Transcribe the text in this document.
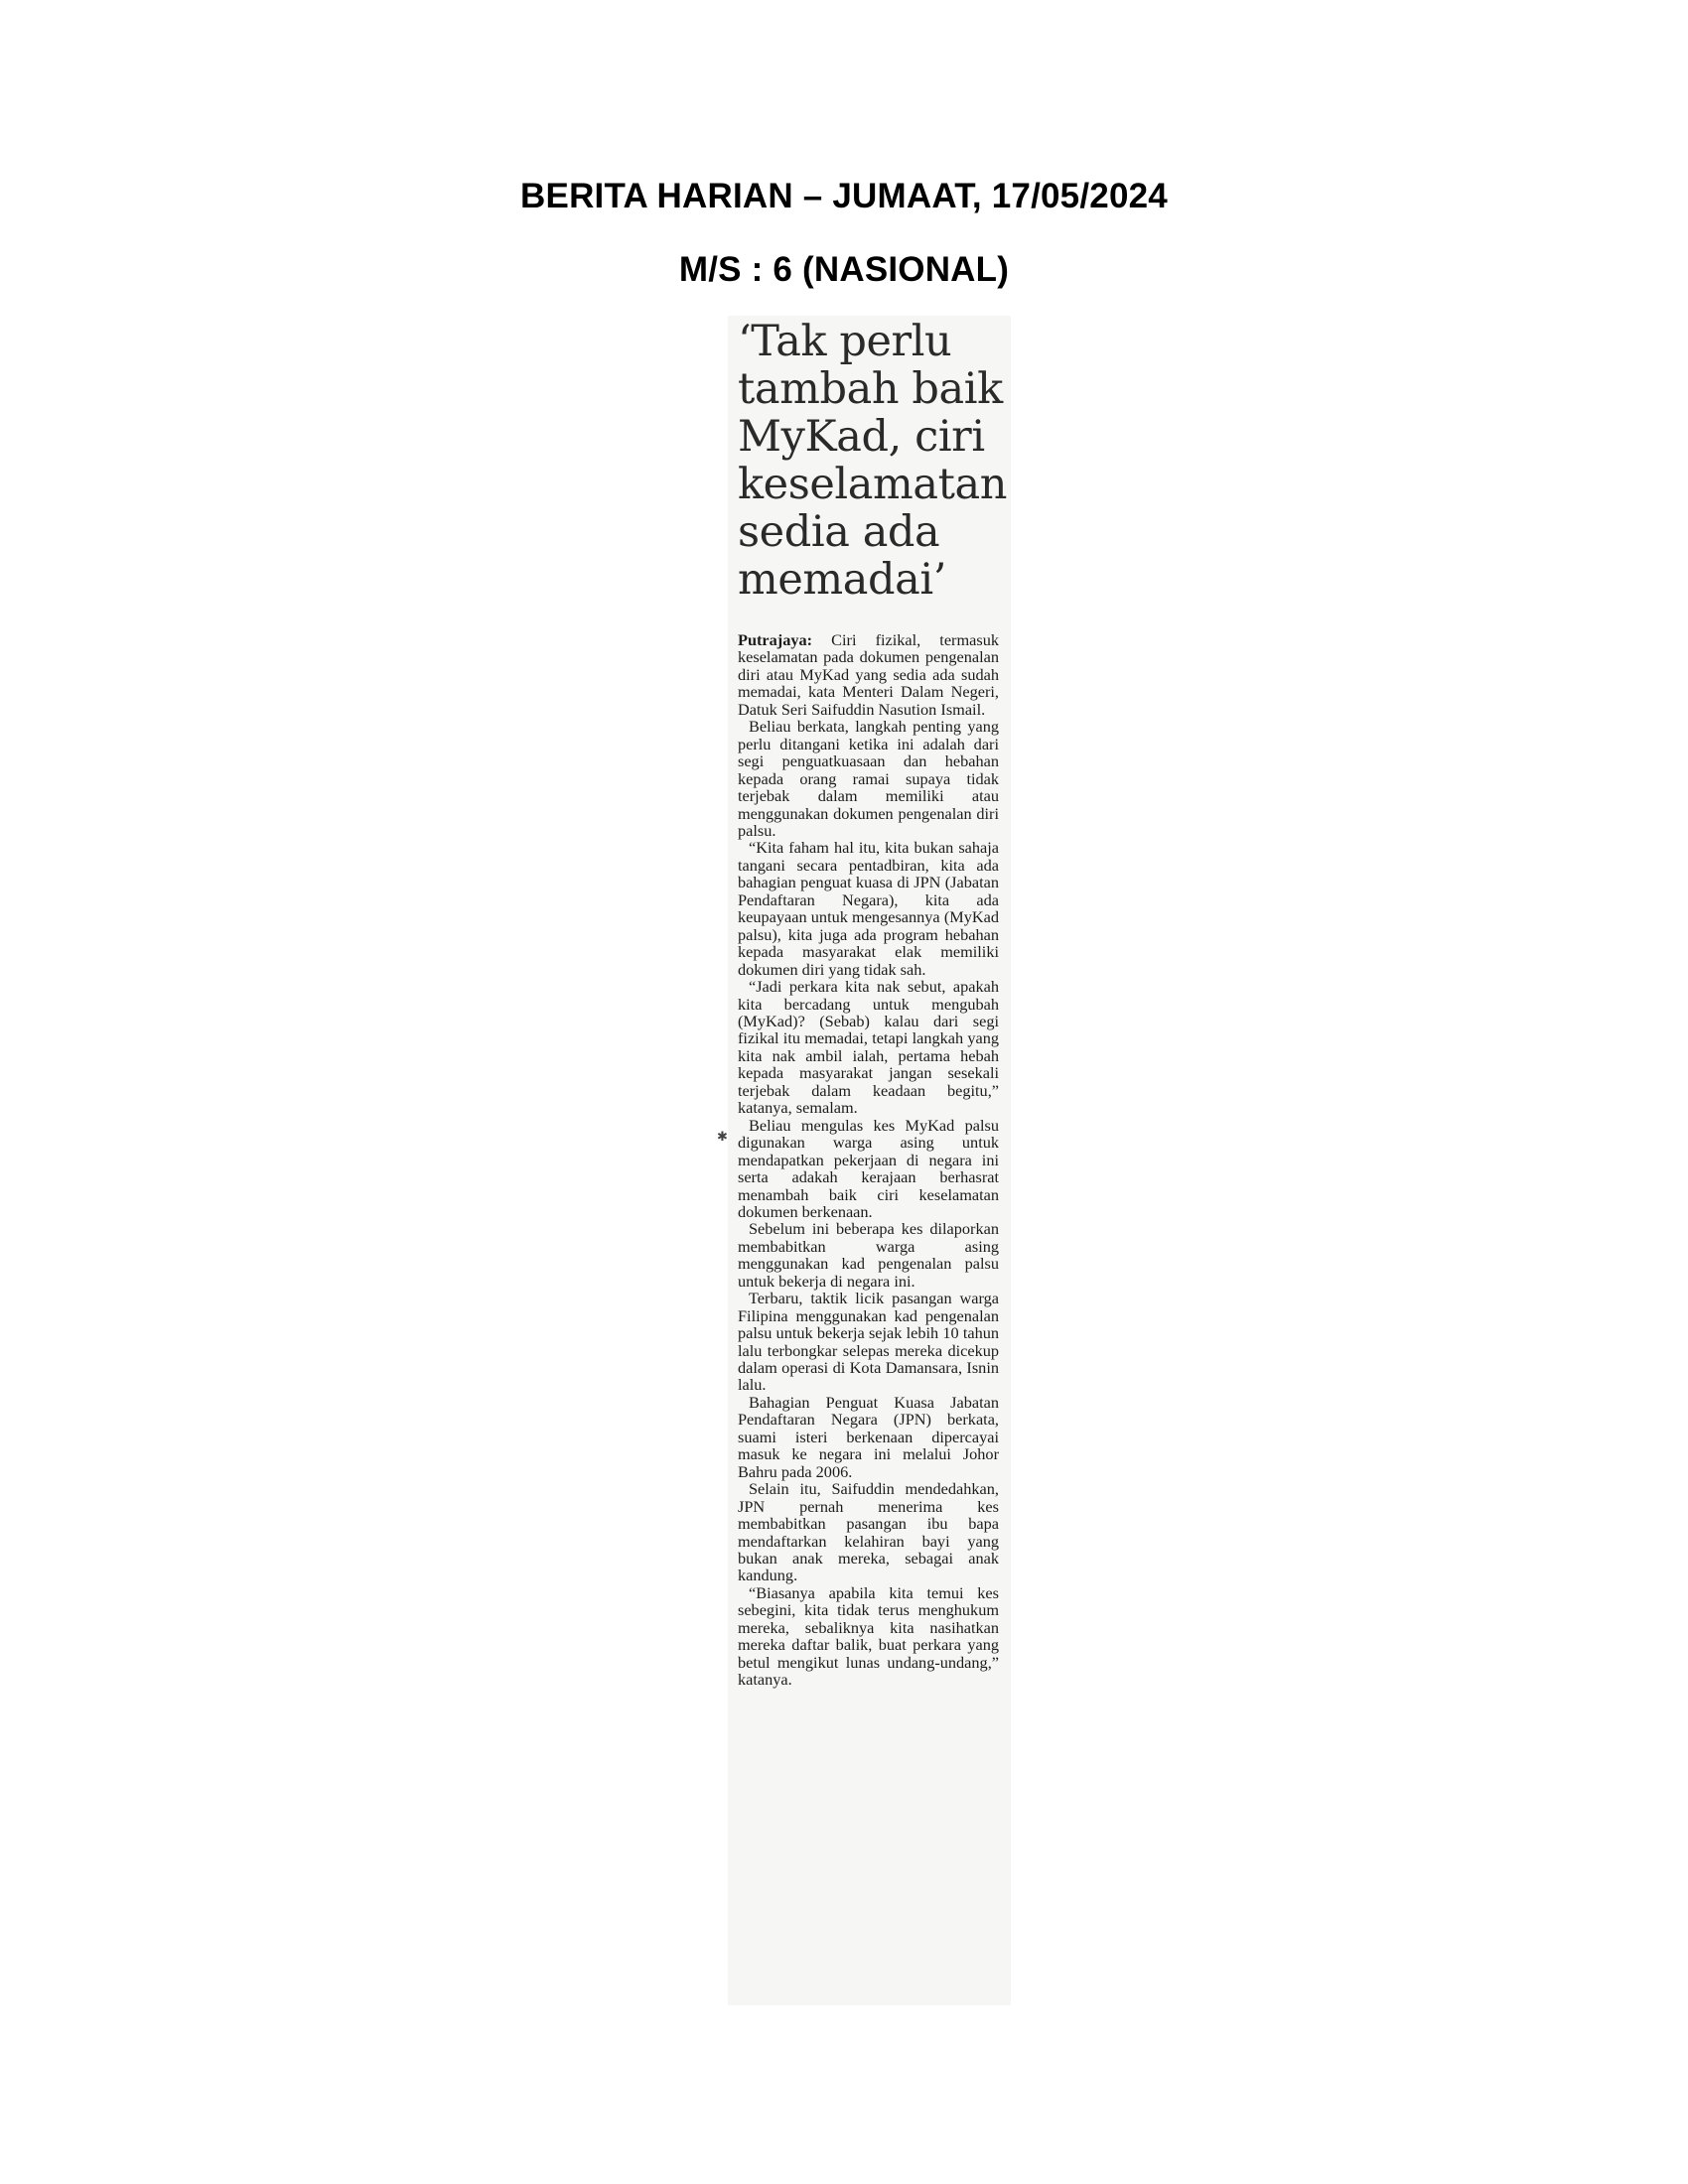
BERITA HARIAN – JUMAAT, 17/05/2024
M/S : 6 (NASIONAL)
‘Tak perlu
tambah baik
MyKad, ciri
keselamatan
sedia ada
memadai’

Putrajaya: Ciri fizikal, termasuk keselamatan pada dokumen pengenalan diri atau MyKad yang sedia ada sudah memadai, kata Menteri Dalam Negeri, Datuk Seri Saifuddin Nasution Ismail.

Beliau berkata, langkah penting yang perlu ditangani ketika ini adalah dari segi penguatkuasaan dan hebahan kepada orang ramai supaya tidak terjebak dalam memiliki atau menggunakan dokumen pengenalan diri palsu.

“Kita faham hal itu, kita bukan sahaja tangani secara pentadbiran, kita ada bahagian penguat kuasa di JPN (Jabatan Pendaftaran Negara), kita ada keupayaan untuk mengesannya (MyKad palsu), kita juga ada program hebahan kepada masyarakat elak memiliki dokumen diri yang tidak sah.

“Jadi perkara kita nak sebut, apakah kita bercadang untuk mengubah (MyKad)? (Sebab) kalau dari segi fizikal itu memadai, tetapi langkah yang kita nak ambil ialah, pertama hebah kepada masyarakat jangan sesekali terjebak dalam keadaan begitu,” katanya, semalam.

Beliau mengulas kes MyKad palsu digunakan warga asing untuk mendapatkan pekerjaan di negara ini serta adakah kerajaan berhasrat menambah baik ciri keselamatan dokumen berkenaan.

Sebelum ini beberapa kes dilaporkan membabitkan warga asing menggunakan kad pengenalan palsu untuk bekerja di negara ini.

Terbaru, taktik licik pasangan warga Filipina menggunakan kad pengenalan palsu untuk bekerja sejak lebih 10 tahun lalu terbongkar selepas mereka dicekup dalam operasi di Kota Damansara, Isnin lalu.

Bahagian Penguat Kuasa Jabatan Pendaftaran Negara (JPN) berkata, suami isteri berkenaan dipercayai masuk ke negara ini melalui Johor Bahru pada 2006.

Selain itu, Saifuddin mendedahkan, JPN pernah menerima kes membabitkan pasangan ibu bapa mendaftarkan kelahiran bayi yang bukan anak mereka, sebagai anak kandung.

“Biasanya apabila kita temui kes sebegini, kita tidak terus menghukum mereka, sebaliknya kita nasihatkan mereka daftar balik, buat perkara yang betul mengikut lunas undang-undang,” katanya.

✱
